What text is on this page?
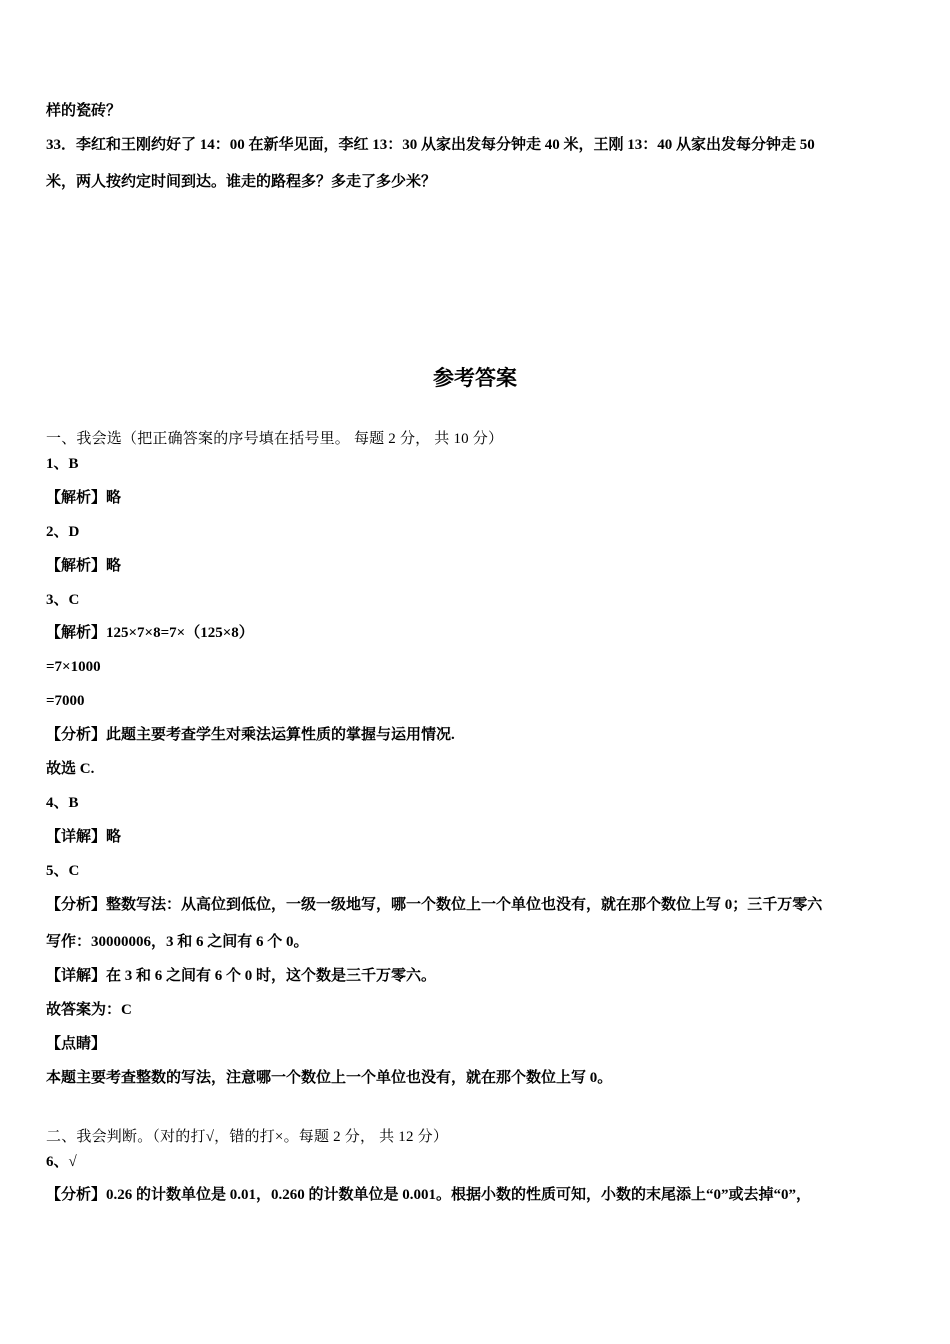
样的瓷砖？
33．李红和王刚约好了 14：00 在新华见面，李红 13：30 从家出发每分钟走 40 米，王刚 13：40 从家出发每分钟走 50
米，两人按约定时间到达。谁走的路程多？多走了多少米？
参考答案
一、我会选（把正确答案的序号填在括号里。 每题 2 分， 共 10 分）
1、B
【解析】略
2、D
【解析】略
3、C
【解析】125×7×8=7×（125×8）
=7×1000
=7000
【分析】此题主要考查学生对乘法运算性质的掌握与运用情况.
故选 C.
4、B
【详解】略
5、C
【分析】整数写法：从高位到低位，一级一级地写，哪一个数位上一个单位也没有，就在那个数位上写 0；三千万零六
写作：30000006，3 和 6 之间有 6 个 0。
【详解】在 3 和 6 之间有 6 个 0 时，这个数是三千万零六。
故答案为：C
【点睛】
本题主要考查整数的写法，注意哪一个数位上一个单位也没有，就在那个数位上写 0。
二、我会判断。（对的打√，错的打×。每题 2 分， 共 12 分）
6、√
【分析】0.26 的计数单位是 0.01，0.260 的计数单位是 0.001。根据小数的性质可知，小数的末尾添上“0”或去掉“0”，
